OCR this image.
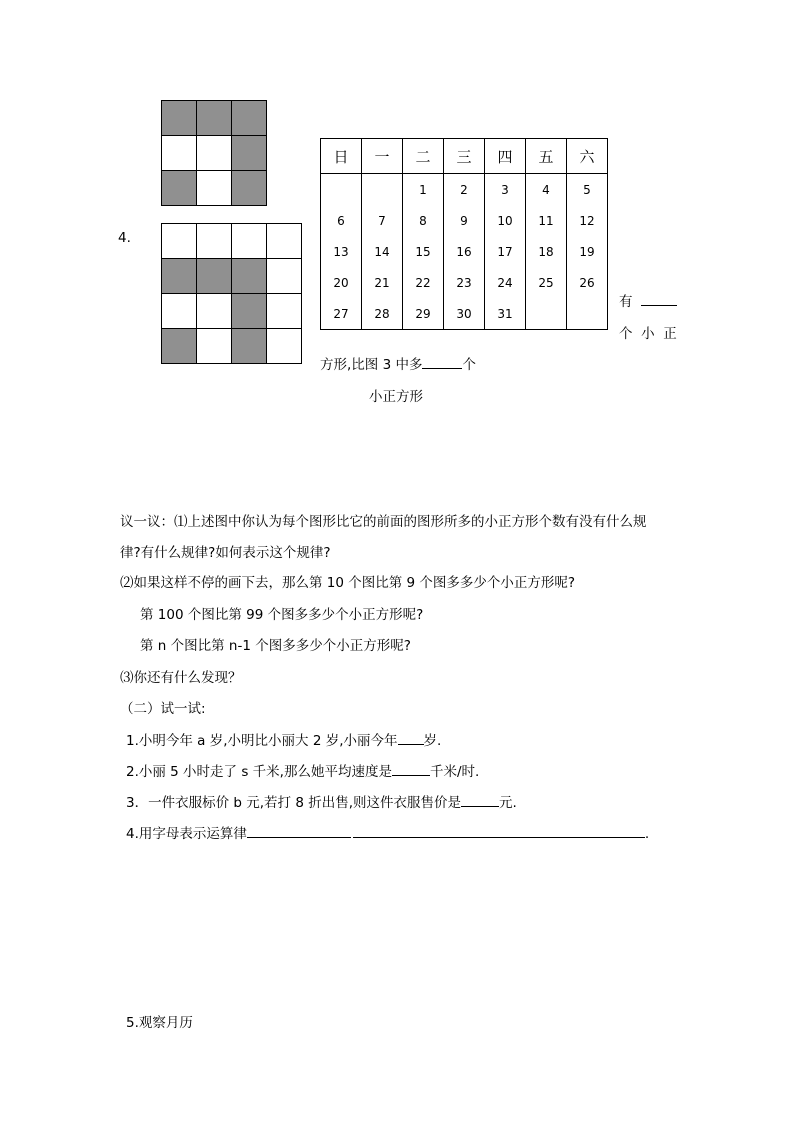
4.
日	一	二	三	四	五	六
		1	2	3	4	5
6	7	8	9	10	11	12
13	14	15	16	17	18	19
20	21	22	23	24	25	26
27	28	29	30	31		
有
个 小 正
方形,比图 3 中多	个
小正方形
议一议：⑴上述图中你认为每个图形比它的前面的图形所多的小正方形个数有没有什么规
律?有什么规律?如何表示这个规律?
⑵如果这样不停的画下去，那么第 10 个图比第 9 个图多多少个小正方形呢?
第 100 个图比第 99 个图多多少个小正方形呢?
第 n 个图比第 n-1 个图多多少个小正方形呢?
⑶你还有什么发现？
（二）试一试:
1.小明今年 a 岁,小明比小丽大 2 岁,小丽今年 岁.
2.小丽 5 小时走了 s 千米,那么她平均速度是	千米/时.
3．一件衣服标价 b 元,若打 8 折出售,则这件衣服售价是	元.
4.用字母表示运算律	.
5.观察月历
